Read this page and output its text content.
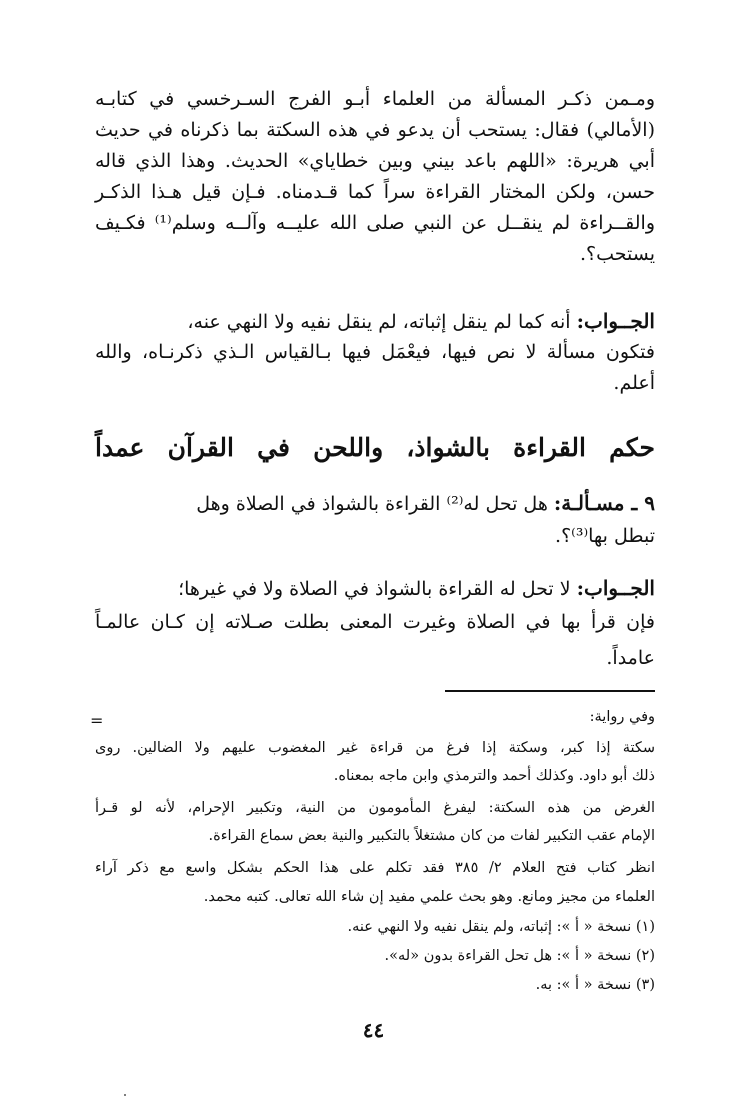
ومـمن ذكـر المسألة من العلماء أبـو الفرج السـرخسي في كتابـه
(الأمالي) فقال: يستحب أن يدعو في هذه السكتة بما ذكرناه في حديث
أبي هريرة: «اللهم باعد بيني وبين خطاياي» الحديث. وهذا الذي قاله
حسن، ولكن المختار القراءة سراً كما قـدمناه. فـإن قيل هـذا الذكـر
والقــراءة لم ينقــل عن النبي صلى الله عليــه وآلــه وسلم⁽¹⁾ فكـيف
يستحب؟.
الجــواب: أنه كما لم ينقل إثباته، لم ينقل نفيه ولا النهي عنه،
فتكون مسألة لا نص فيها، فيعْمَل فيها بـالقياس الـذي ذكرنـاه، والله
أعلم.
حكم القراءة بالشواذ، واللحن في القرآن عمداً
٩ ـ مسـألـة: هل تحل له⁽²⁾ القراءة بالشواذ في الصلاة وهل
تبطل بها⁽³⁾؟.
الجــواب: لا تحل له القراءة بالشواذ في الصلاة ولا في غيرها؛
فإن قرأ بها في الصلاة وغيرت المعنى بطلت صـلاته إن كـان عالمـاً
عامداً.
=	وفي رواية:
سكتة إذا كبر، وسكتة إذا فرغ من قراءة غير المغضوب عليهم ولا الضالين. روى
ذلك أبو داود. وكذلك أحمد والترمذي وابن ماجه بمعناه.
الغرض من هذه السكتة: ليفرغ المأمومون من النية، وتكبير الإحرام، لأنه لو قـرأ
الإمام عقب التكبير لفات من كان مشتغلاً بالتكبير والنية بعض سماع القراءة.
انظر كتاب فتح العلام ٢/ ٣٨٥ فقد تكلم على هذا الحكم بشكل واسع مع ذكر آراء
العلماء من مجيز ومانع. وهو بحث علمي مفيد إن شاء الله تعالى. كتبه محمد.
(١) نسخة « أ »: إثباته، ولم ينقل نفيه ولا النهي عنه.
(٢) نسخة « أ »: هل تحل القراءة بدون «له».
(٣) نسخة « أ »: به.
٤٤
